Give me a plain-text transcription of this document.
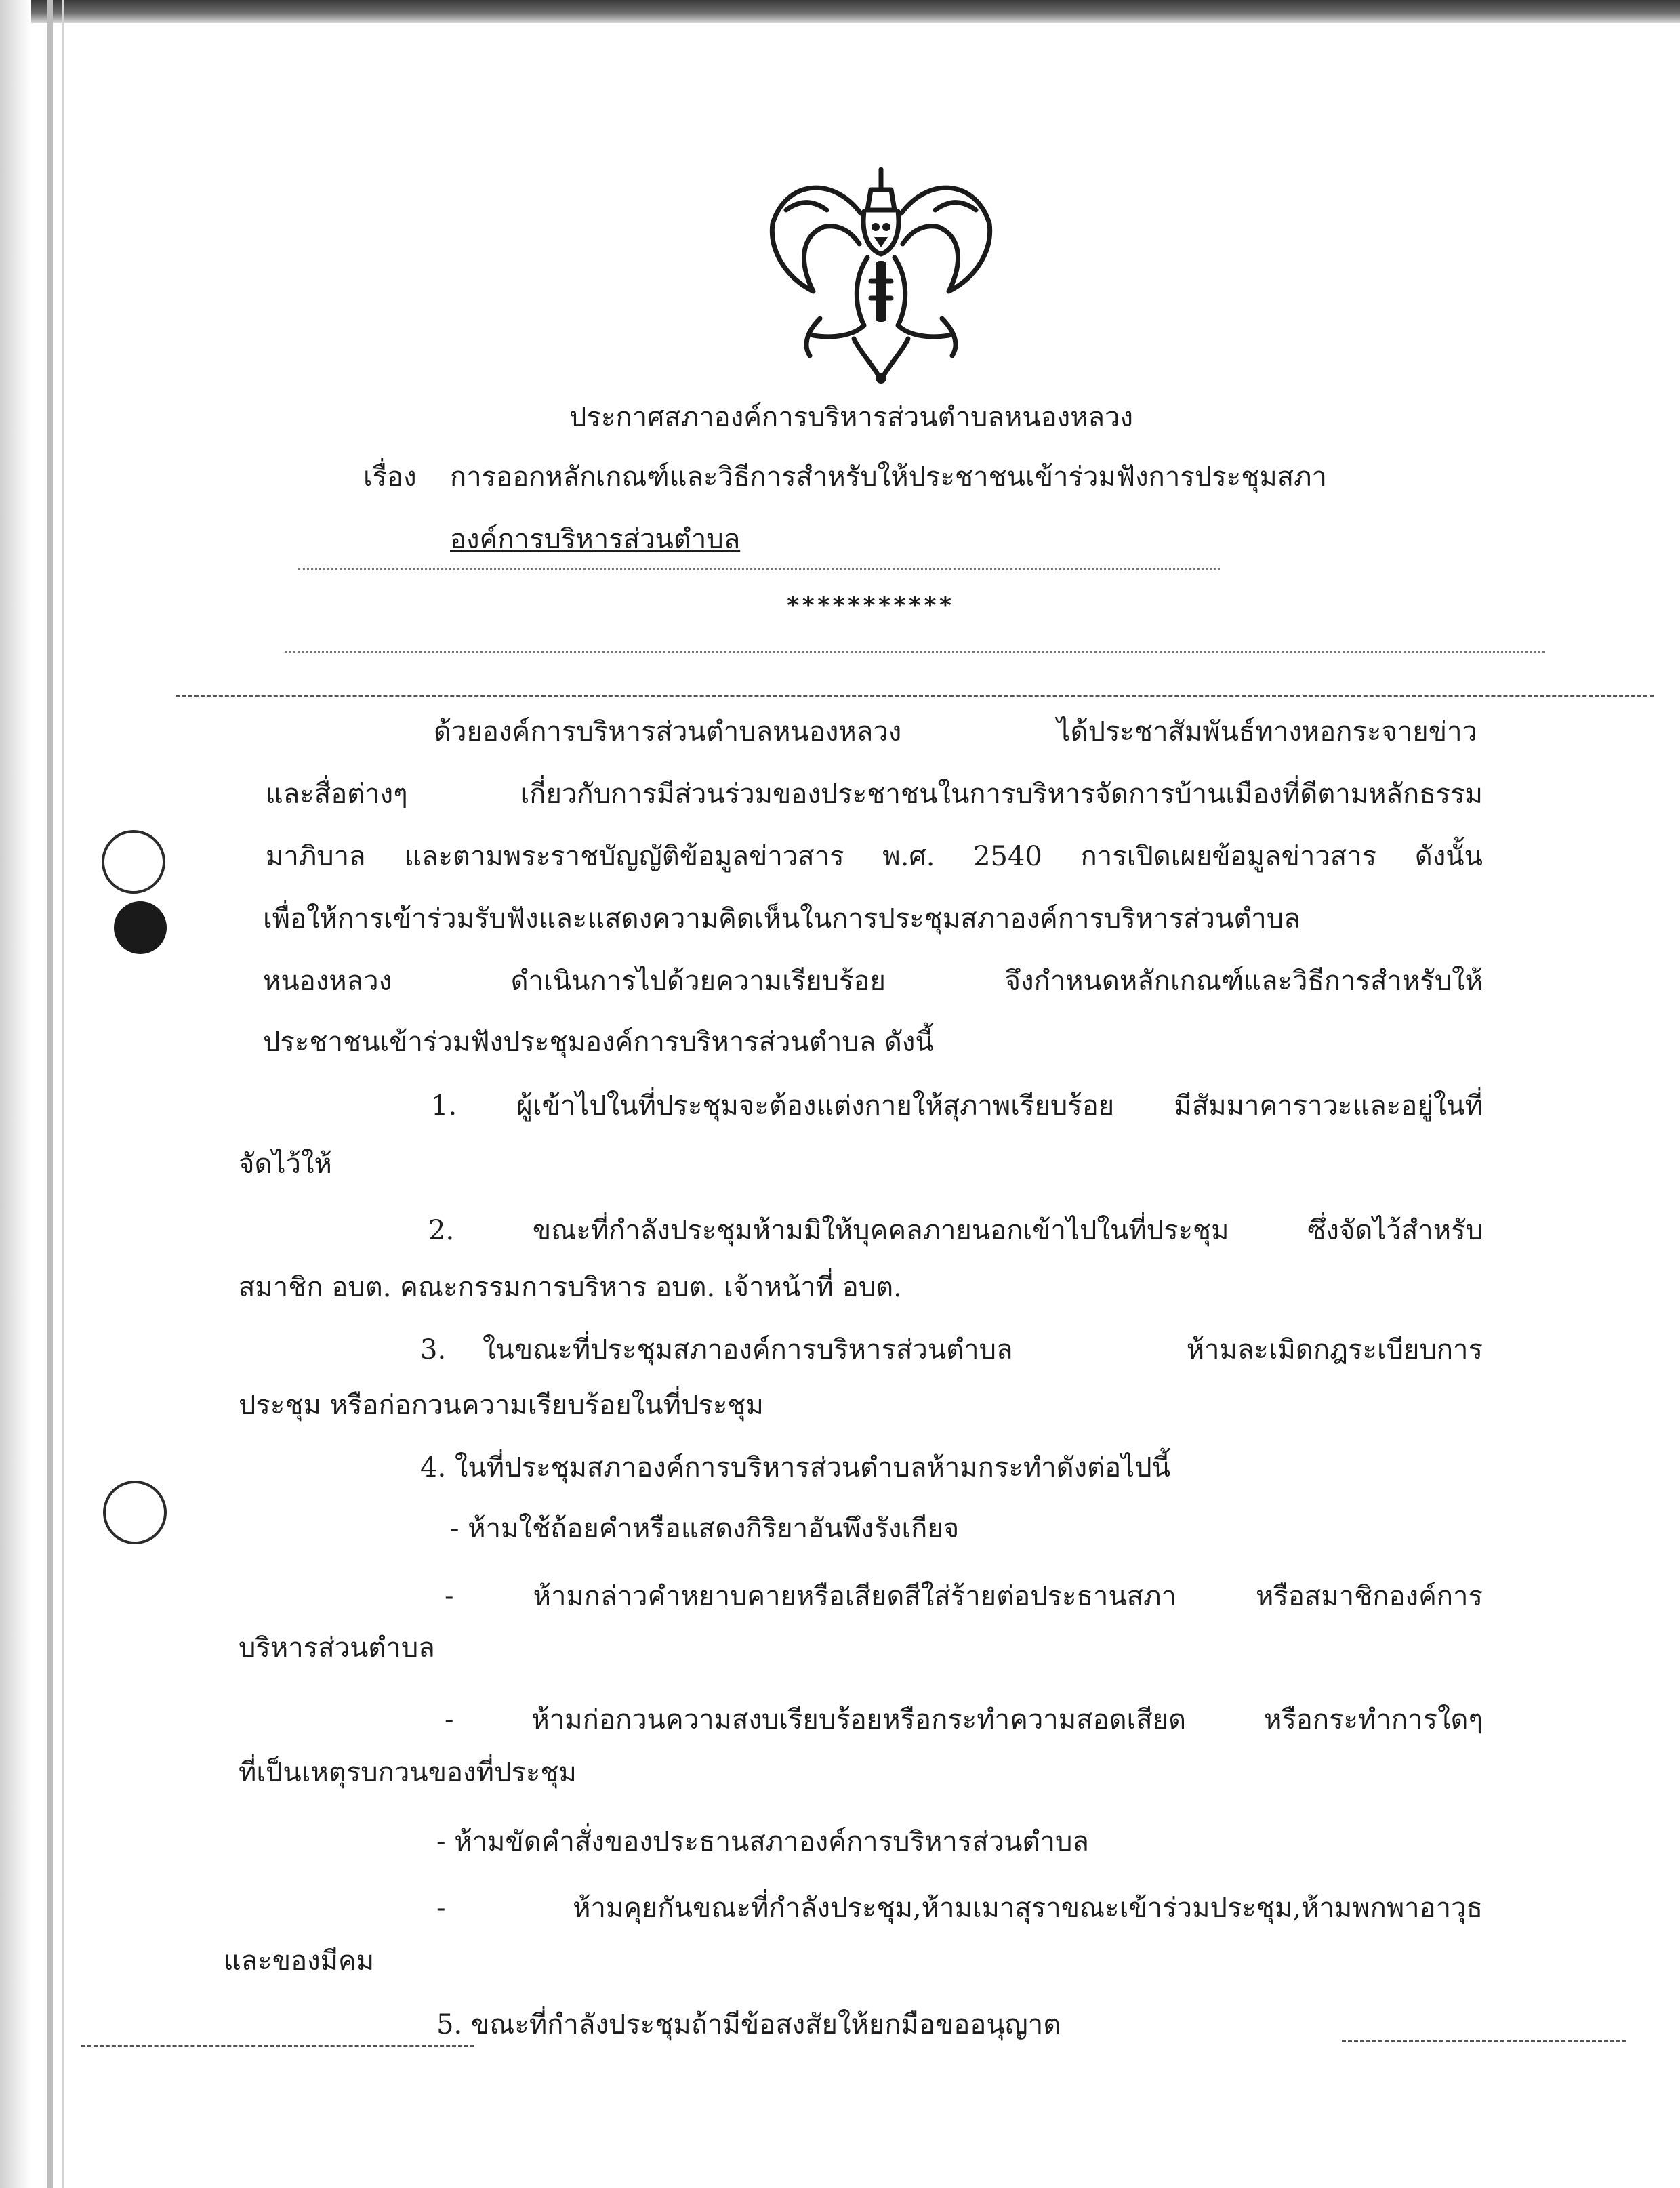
ประกาศสภาองค์การบริหารส่วนตำบลหนองหลวง
เรื่อง การออกหลักเกณฑ์และวิธีการสำหรับให้ประชาชนเข้าร่วมฟังการประชุมสภา
องค์การบริหารส่วนตำบล
***********
ด้วยองค์การบริหารส่วนตำบลหนองหลวง ได้ประชาสัมพันธ์ทางหอกระจายข่าว
และสื่อต่างๆ เกี่ยวกับการมีส่วนร่วมของประชาชนในการบริหารจัดการบ้านเมืองที่ดีตามหลักธรรม
มาภิบาล และตามพระราชบัญญัติข้อมูลข่าวสาร พ.ศ. 2540 การเปิดเผยข้อมูลข่าวสาร ดังนั้น
เพื่อให้การเข้าร่วมรับฟังและแสดงความคิดเห็นในการประชุมสภาองค์การบริหารส่วนตำบล
หนองหลวง ดำเนินการไปด้วยความเรียบร้อย จึงกำหนดหลักเกณฑ์และวิธีการสำหรับให้
ประชาชนเข้าร่วมฟังประชุมองค์การบริหารส่วนตำบล ดังนี้
1. ผู้เข้าไปในที่ประชุมจะต้องแต่งกายให้สุภาพเรียบร้อย มีสัมมาคาราวะและอยู่ในที่
จัดไว้ให้
2. ขณะที่กำลังประชุมห้ามมิให้บุคคลภายนอกเข้าไปในที่ประชุม ซึ่งจัดไว้สำหรับ
สมาชิก อบต. คณะกรรมการบริหาร อบต. เจ้าหน้าที่ อบต.
3. ในขณะที่ประชุมสภาองค์การบริหารส่วนตำบล ห้ามละเมิดกฎระเบียบการ
ประชุม หรือก่อกวนความเรียบร้อยในที่ประชุม
4. ในที่ประชุมสภาองค์การบริหารส่วนตำบลห้ามกระทำดังต่อไปนี้
- ห้ามใช้ถ้อยคำหรือแสดงกิริยาอันพึงรังเกียจ
- ห้ามกล่าวคำหยาบคายหรือเสียดสีใส่ร้ายต่อประธานสภา หรือสมาชิกองค์การ
บริหารส่วนตำบล
- ห้ามก่อกวนความสงบเรียบร้อยหรือกระทำความสอดเสียด หรือกระทำการใดๆ
ที่เป็นเหตุรบกวนของที่ประชุม
- ห้ามขัดคำสั่งของประธานสภาองค์การบริหารส่วนตำบล
- ห้ามคุยกันขณะที่กำลังประชุม,ห้ามเมาสุราขณะเข้าร่วมประชุม,ห้ามพกพาอาวุธ
และของมีคม
5. ขณะที่กำลังประชุมถ้ามีข้อสงสัยให้ยกมือขออนุญาต
